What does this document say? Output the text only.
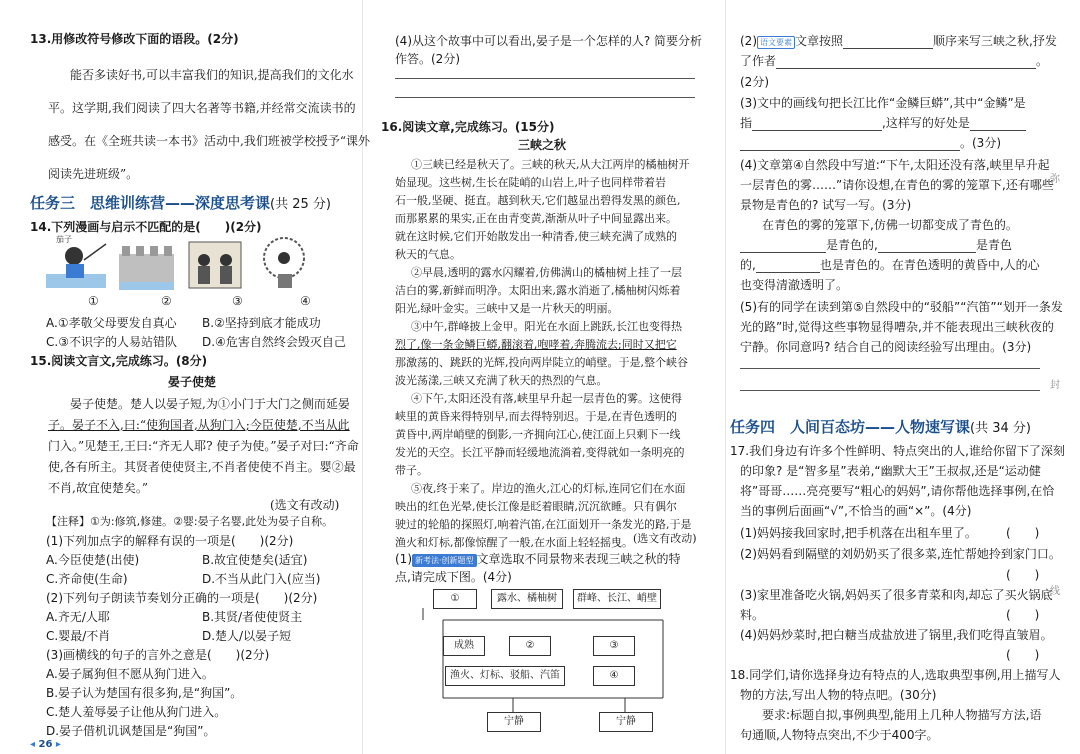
13.用修改符号修改下面的语段。(2分)
能否多读好书,可以丰富我们的知识,提高我们的文化水
平。这学期,我们阅读了四大名著等书籍,并经常交流读书的
感受。在《全班共读一本书》活动中,我们班被学校授予“课外
阅读先进班级”。
任务三　思维训练营——深度思考课(共 25 分)
14.下列漫画与启示不匹配的是(　　)(2分)
茄子
①	②	③	④
A.①孝敬父母要发自真心 B.②坚持到底才能成功
C.③不识字的人易站错队 D.④危害自然终会毁灭自己
15.阅读文言文,完成练习。(8分)
晏子使楚
晏子使楚。楚人以晏子短,为①小门于大门之侧而延晏
子。晏子不入,曰:“使狗国者,从狗门入;今臣使楚,不当从此
门入。”见楚王,王曰:“齐无人耶? 使子为使。”晏子对曰:“齐命
使,各有所主。其贤者使使贤主,不肖者使使不肖主。婴②最
不肖,故宜使楚矣。”
(选文有改动)
【注释】①为:修筑,修建。②婴:晏子名婴,此处为晏子自称。
(1)下列加点字的解释有误的一项是(　　)(2分)
A.今臣使楚(出使)	B.故宜使楚矣(适宜)
C.齐命使(生命)	D.不当从此门入(应当)
(2)下列句子朗读节奏划分正确的一项是(　　)(2分)
A.齐无/人耶	B.其贤/者使使贤主
C.婴最/不肖	D.楚人/以晏子短
(3)画横线的句子的言外之意是(　　)(2分)
A.晏子属狗但不愿从狗门进入。
B.晏子认为楚国有很多狗,是“狗国”。
C.楚人羞辱晏子让他从狗门进入。
D.晏子借机讥讽楚国是“狗国”。
◂ 26 ▸
(4)从这个故事中可以看出,晏子是一个怎样的人? 简要分析
作答。(2分)
16.阅读文章,完成练习。(15分)
三峡之秋
①三峡已经是秋天了。三峡的秋天,从大江两岸的橘柚树开
始显现。这些树,生长在陡峭的山岩上,叶子也同样带着岩
石一般,坚硬、挺直。越到秋天,它们越显出碧得发黑的颜色,
而那累累的果实,正在由青变黄,渐渐从叶子中间显露出来。
就在这时候,它们开始散发出一种清香,使三峡充满了成熟的
秋天的气息。
②早晨,透明的露水闪耀着,仿佛满山的橘柚树上挂了一层
洁白的雾,新鲜而明净。太阳出来,露水消逝了,橘柚树闪烁着
阳光,绿叶金实。三峡中又是一片秋天的明丽。
③中午,群峰披上金甲。阳光在水面上跳跃,长江也变得热
烈了,像一条金鳞巨蟒,翻滚着,咆哮着,奔腾流去;同时又把它
那激荡的、跳跃的光辉,投向两岸陡立的峭壁。于是,整个峡谷
波光荡漾,三峡又充满了秋天的热烈的气息。
④下午,太阳还没有落,峡里早升起一层青色的雾。这使得
峡里的黄昏来得特别早,而去得特别迟。于是,在青色透明的
黄昏中,两岸峭壁的倒影,一齐拥向江心,使江面上只剩下一线
发光的天空。长江平静而轻缓地流淌着,变得就如一条明亮的
带子。
⑤夜,终于来了。岸边的渔火,江心的灯标,连同它们在水面
映出的红色光晕,使长江像是眨着眼睛,沉沉欲睡。只有偶尔
驶过的轮船的探照灯,响着汽笛,在江面划开一条发光的路,于是
渔火和灯标,都像惊醒了一般,在水面上轻轻摇曳。 (选文有改动)
(1) 新考法·创新题型 文章选取不同景物来表现三峡之秋的特
点,请完成下图。(4分)
①	露水、橘柚树	群峰、长江、峭壁
成熟	②	③
渔火、灯标、驳船、汽笛	④
宁静	宁静
(2) 语文要素 文章按照	顺序来写三峡之秋,抒发
了作者	。
(2分)
(3)文中的画线句把长江比作“金鳞巨蟒”,其中“金鳞”是
指	,这样写的好处是
。(3分)
(4)文章第④自然段中写道:“下午,太阳还没有落,峡里早升起
一层青色的雾……”请你设想,在青色的雾的笼罩下,还有哪些
景物是青色的? 试写一写。(3分)
在青色的雾的笼罩下,仿佛一切都变成了青色的。
是青色的,	是青色
的,	也是青色的。在青色透明的黄昏中,人的心
也变得清澈透明了。
(5)有的同学在读到第⑤自然段中的“驳船”“汽笛”“划开一条发
光的路”时,觉得这些事物显得嘈杂,并不能表现出三峡秋夜的
宁静。你同意吗? 结合自己的阅读经验写出理由。(3分)
任务四　人间百态坊——人物速写课(共 34 分)
17.我们身边有许多个性鲜明、特点突出的人,谁给你留下了深刻
的印象? 是“智多星”表弟,“幽默大王”王叔叔,还是“运动健
将”哥哥……亮亮要写“粗心的妈妈”,请你帮他选择事例,在恰
当的事例后面画“√”,不恰当的画“×”。(4分)
(1)妈妈接我回家时,把手机落在出租车里了。 (　　)
(2)妈妈看到隔壁的刘奶奶买了很多菜,连忙帮她拎到家门口。
(　　)
(3)家里准备吃火锅,妈妈买了很多青菜和肉,却忘了买火锅底
料。	(　　)
(4)妈妈炒菜时,把白糖当成盐放进了锅里,我们吃得直皱眉。
(　　)
18.同学们,请你选择身边有特点的人,选取典型事例,用上描写人
物的方法,写出人物的特点吧。(30分)
要求:标题自拟,事例典型,能用上几种人物描写方法,语
句通顺,人物特点突出,不少于400字。
弥
封
线
